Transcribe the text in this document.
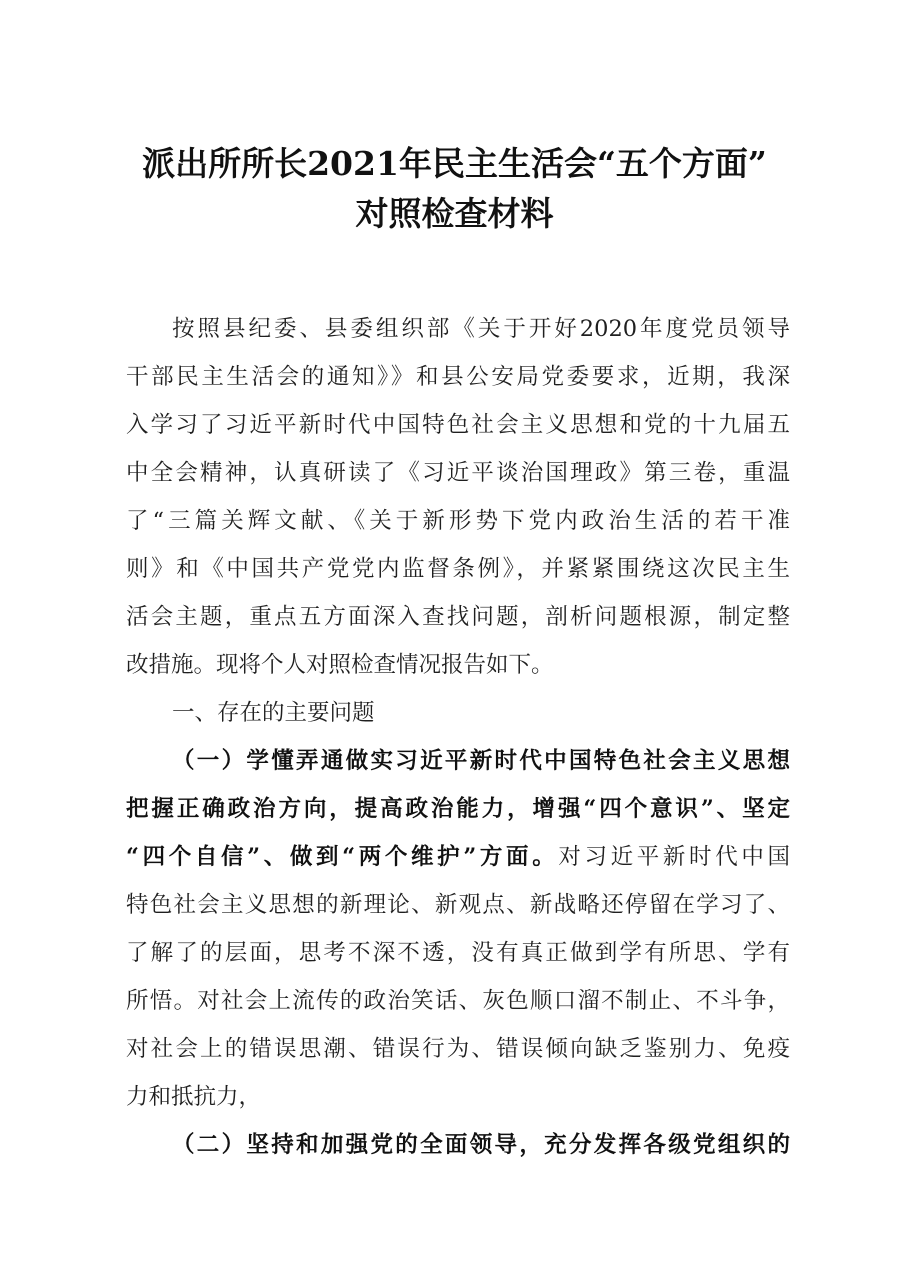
派出所所长2021年民主生活会“五个方面”
对照检查材料
按照县纪委、县委组织部《关于开好2020年度党员领导
干部民主生活会的通知》》和县公安局党委要求，近期，我深
入学习了习近平新时代中国特色社会主义思想和党的十九届五
中全会精神，认真研读了《习近平谈治国理政》第三卷，重温
了“三篇关辉文献、《关于新形势下党内政治生活的若干准
则》和《中国共产党党内监督条例》，并紧紧围绕这次民主生
活会主题，重点五方面深入查找问题，剖析问题根源，制定整
改措施。现将个人对照检查情况报告如下。
一、存在的主要问题
（一）学懂弄通做实习近平新时代中国特色社会主义思想
把握正确政治方向，提高政治能力，增强“四个意识”、坚定
“四个自信”、做到“两个维护”方面。对习近平新时代中国
特色社会主义思想的新理论、新观点、新战略还停留在学习了、
了解了的层面，思考不深不透，没有真正做到学有所思、学有
所悟。对社会上流传的政治笑话、灰色顺口溜不制止、不斗争，
对社会上的错误思潮、错误行为、错误倾向缺乏鉴别力、免疫
力和抵抗力，
（二）坚持和加强党的全面领导，充分发挥各级党组织的
